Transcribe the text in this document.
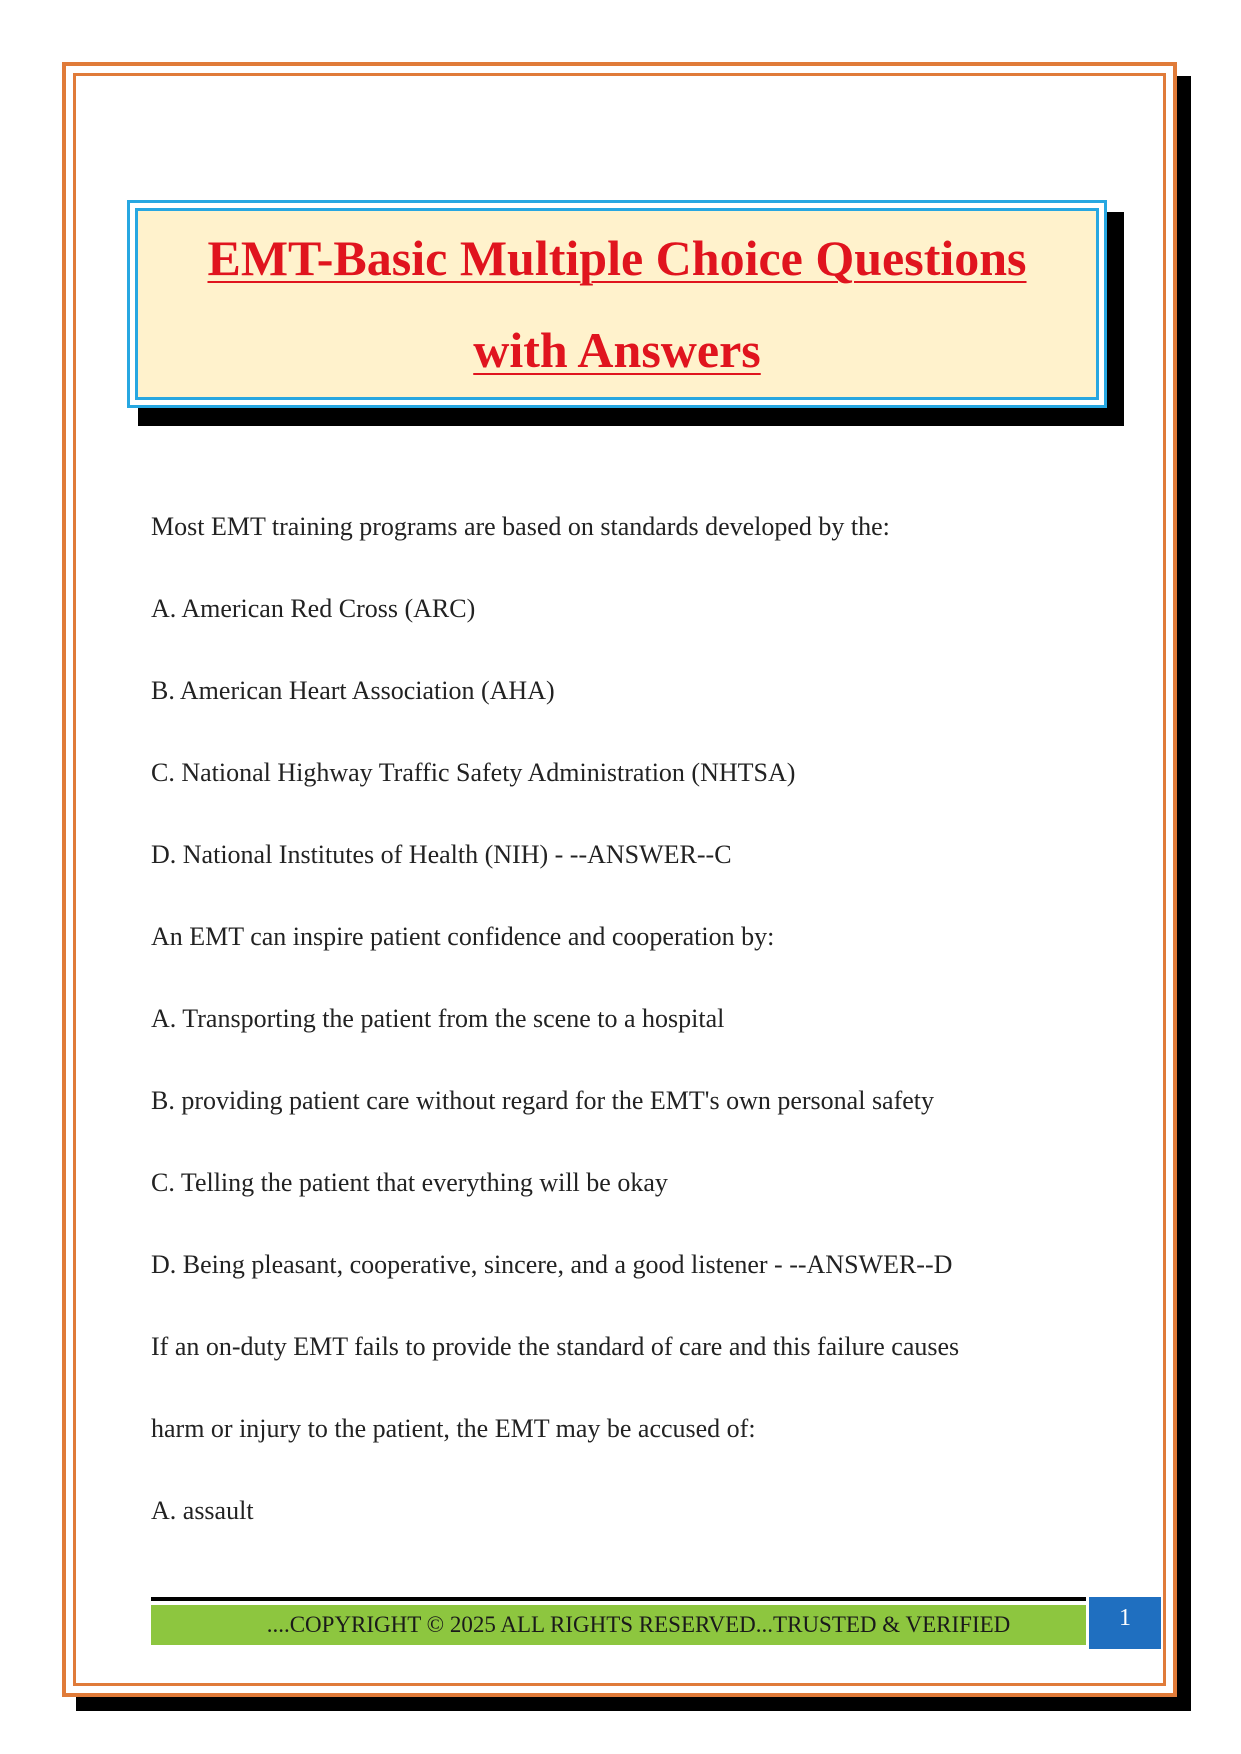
EMT-Basic Multiple Choice Questions
with Answers

Most EMT training programs are based on standards developed by the:

A. American Red Cross (ARC)

B. American Heart Association (AHA)

C. National Highway Traffic Safety Administration (NHTSA)

D. National Institutes of Health (NIH) - --ANSWER--C

An EMT can inspire patient confidence and cooperation by:

A. Transporting the patient from the scene to a hospital

B. providing patient care without regard for the EMT's own personal safety

C. Telling the patient that everything will be okay

D. Being pleasant, cooperative, sincere, and a good listener - --ANSWER--D

If an on-duty EMT fails to provide the standard of care and this failure causes

harm or injury to the patient, the EMT may be accused of:

A. assault

....COPYRIGHT © 2025 ALL RIGHTS RESERVED...TRUSTED & VERIFIED	1
